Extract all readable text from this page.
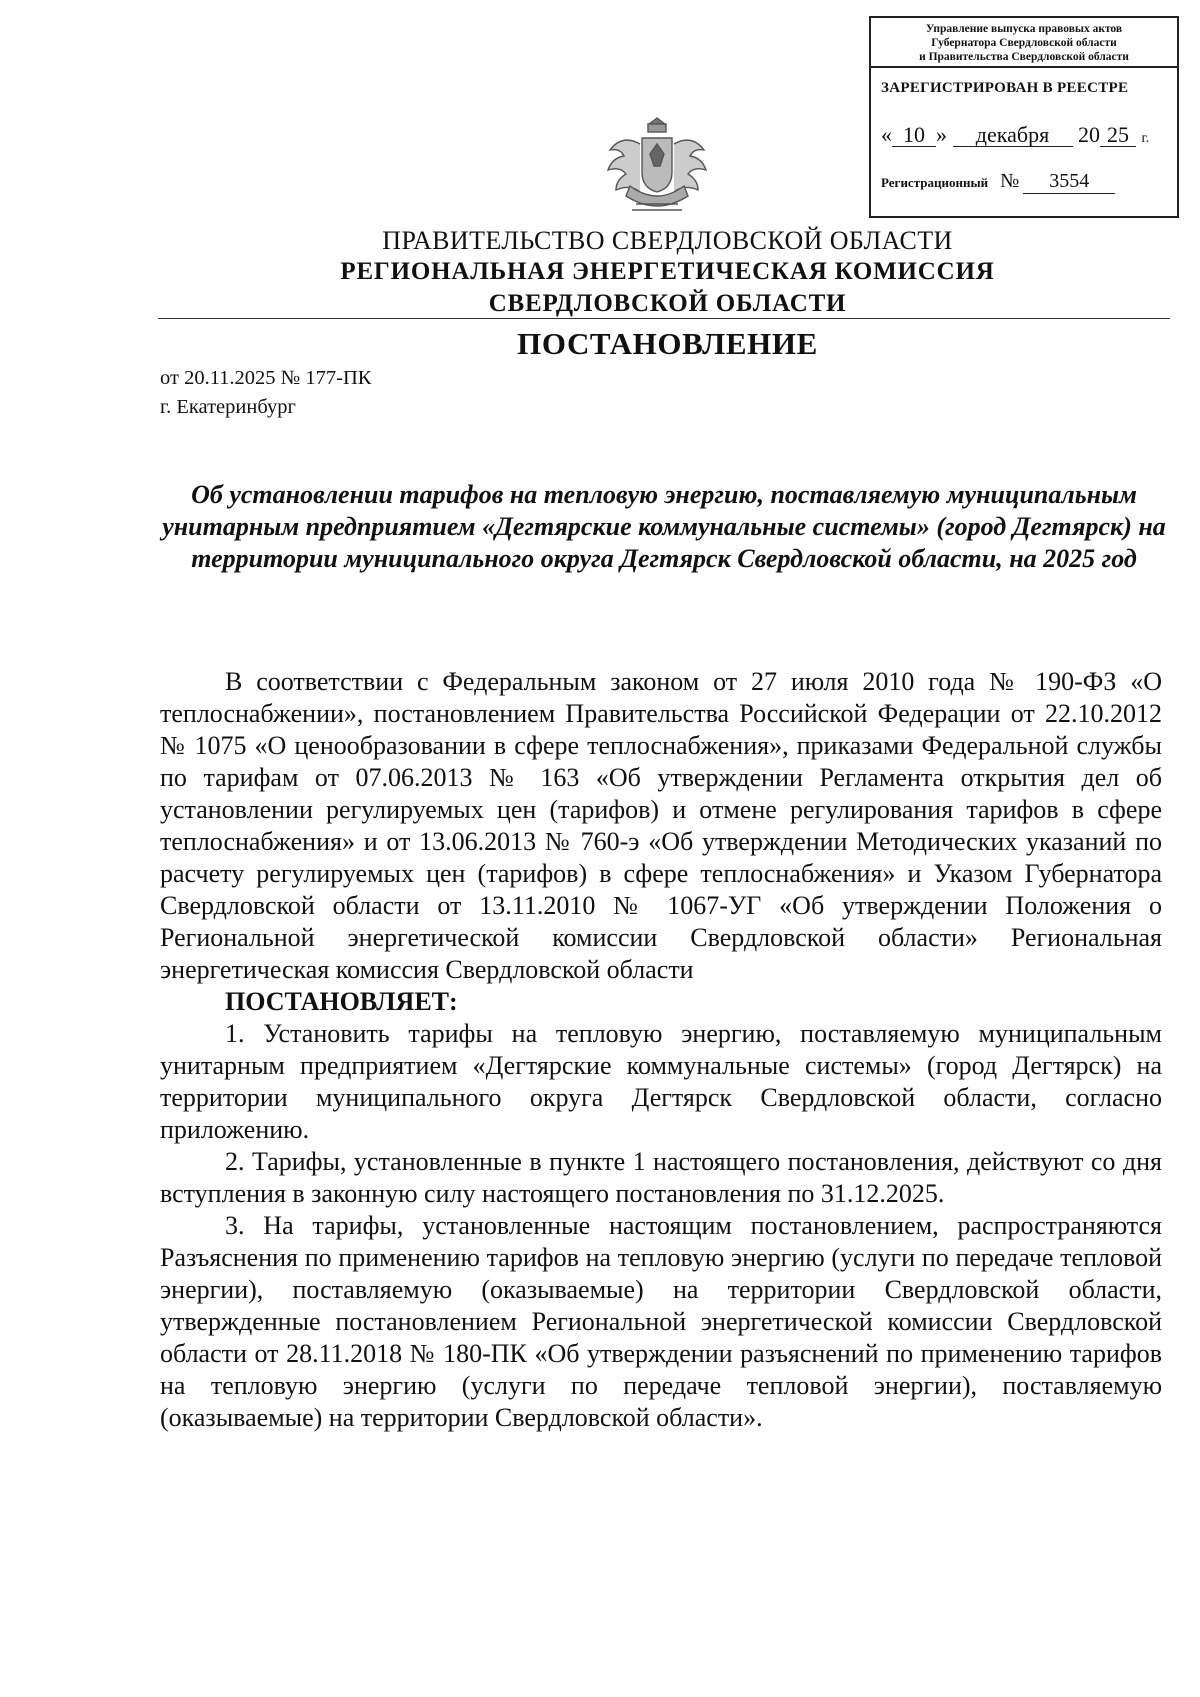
Управление выпуска правовых актов
Губернатора Свердловской области
и Правительства Свердловской области
ЗАРЕГИСТРИРОВАН В РЕЕСТРЕ
« 10 » декабря 20 25 г.
Регистрационный № 3554
ПРАВИТЕЛЬСТВО СВЕРДЛОВСКОЙ ОБЛАСТИ
РЕГИОНАЛЬНАЯ ЭНЕРГЕТИЧЕСКАЯ КОМИССИЯ
СВЕРДЛОВСКОЙ ОБЛАСТИ
ПОСТАНОВЛЕНИЕ
от 20.11.2025 № 177-ПК
г. Екатеринбург
Об установлении тарифов на тепловую энергию, поставляемую муниципальным унитарным предприятием «Дегтярские коммунальные системы» (город Дегтярск) на территории муниципального округа Дегтярск Свердловской области, на 2025 год

В соответствии с Федеральным законом от 27 июля 2010 года № 190-ФЗ «О теплоснабжении», постановлением Правительства Российской Федерации от 22.10.2012 № 1075 «О ценообразовании в сфере теплоснабжения», приказами Федеральной службы по тарифам от 07.06.2013 № 163 «Об утверждении Регламента открытия дел об установлении регулируемых цен (тарифов) и отмене регулирования тарифов в сфере теплоснабжения» и от 13.06.2013 № 760-э «Об утверждении Методических указаний по расчету регулируемых цен (тарифов) в сфере теплоснабжения» и Указом Губернатора Свердловской области от 13.11.2010 № 1067-УГ «Об утверждении Положения о Региональной энергетической комиссии Свердловской области» Региональная энергетическая комиссия Свердловской области

ПОСТАНОВЛЯЕТ:

1. Установить тарифы на тепловую энергию, поставляемую муниципальным унитарным предприятием «Дегтярские коммунальные системы» (город Дегтярск) на территории муниципального округа Дегтярск Свердловской области, согласно приложению.

2. Тарифы, установленные в пункте 1 настоящего постановления, действуют со дня вступления в законную силу настоящего постановления по 31.12.2025.

3. На тарифы, установленные настоящим постановлением, распространяются Разъяснения по применению тарифов на тепловую энергию (услуги по передаче тепловой энергии), поставляемую (оказываемые) на территории Свердловской области, утвержденные постановлением Региональной энергетической комиссии Свердловской области от 28.11.2018 № 180-ПК «Об утверждении разъяснений по применению тарифов на тепловую энергию (услуги по передаче тепловой энергии), поставляемую (оказываемые) на территории Свердловской области».
